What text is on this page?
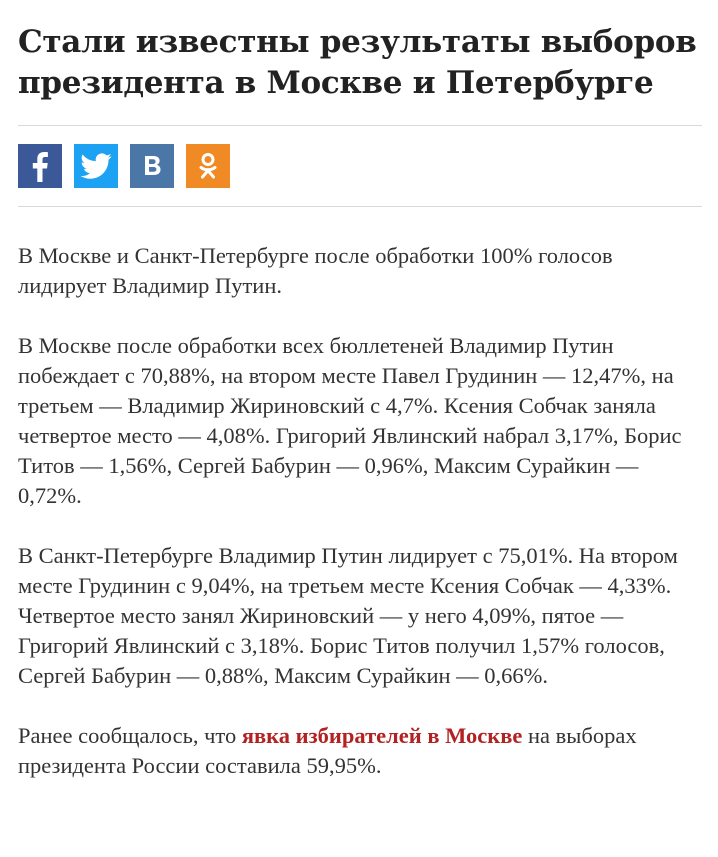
Стали известны результаты выборов президента в Москве и Петербурге

В Москве и Санкт-Петербурге после обработки 100% голосов лидирует Владимир Путин.

В Москве после обработки всех бюллетеней Владимир Путин побеждает с 70,88%, на втором месте Павел Грудинин — 12,47%, на третьем — Владимир Жириновский с 4,7%. Ксения Собчак заняла четвертое место — 4,08%. Григорий Явлинский набрал 3,17%, Борис Титов — 1,56%, Сергей Бабурин — 0,96%, Максим Сурайкин — 0,72%.

В Санкт-Петербурге Владимир Путин лидирует с 75,01%. На втором месте Грудинин с 9,04%, на третьем месте Ксения Собчак — 4,33%. Четвертое место занял Жириновский — у него 4,09%, пятое — Григорий Явлинский с 3,18%. Борис Титов получил 1,57% голосов, Сергей Бабурин — 0,88%, Максим Сурайкин — 0,66%.

Ранее сообщалось, что явка избирателей в Москве на выборах президента России составила 59,95%.
